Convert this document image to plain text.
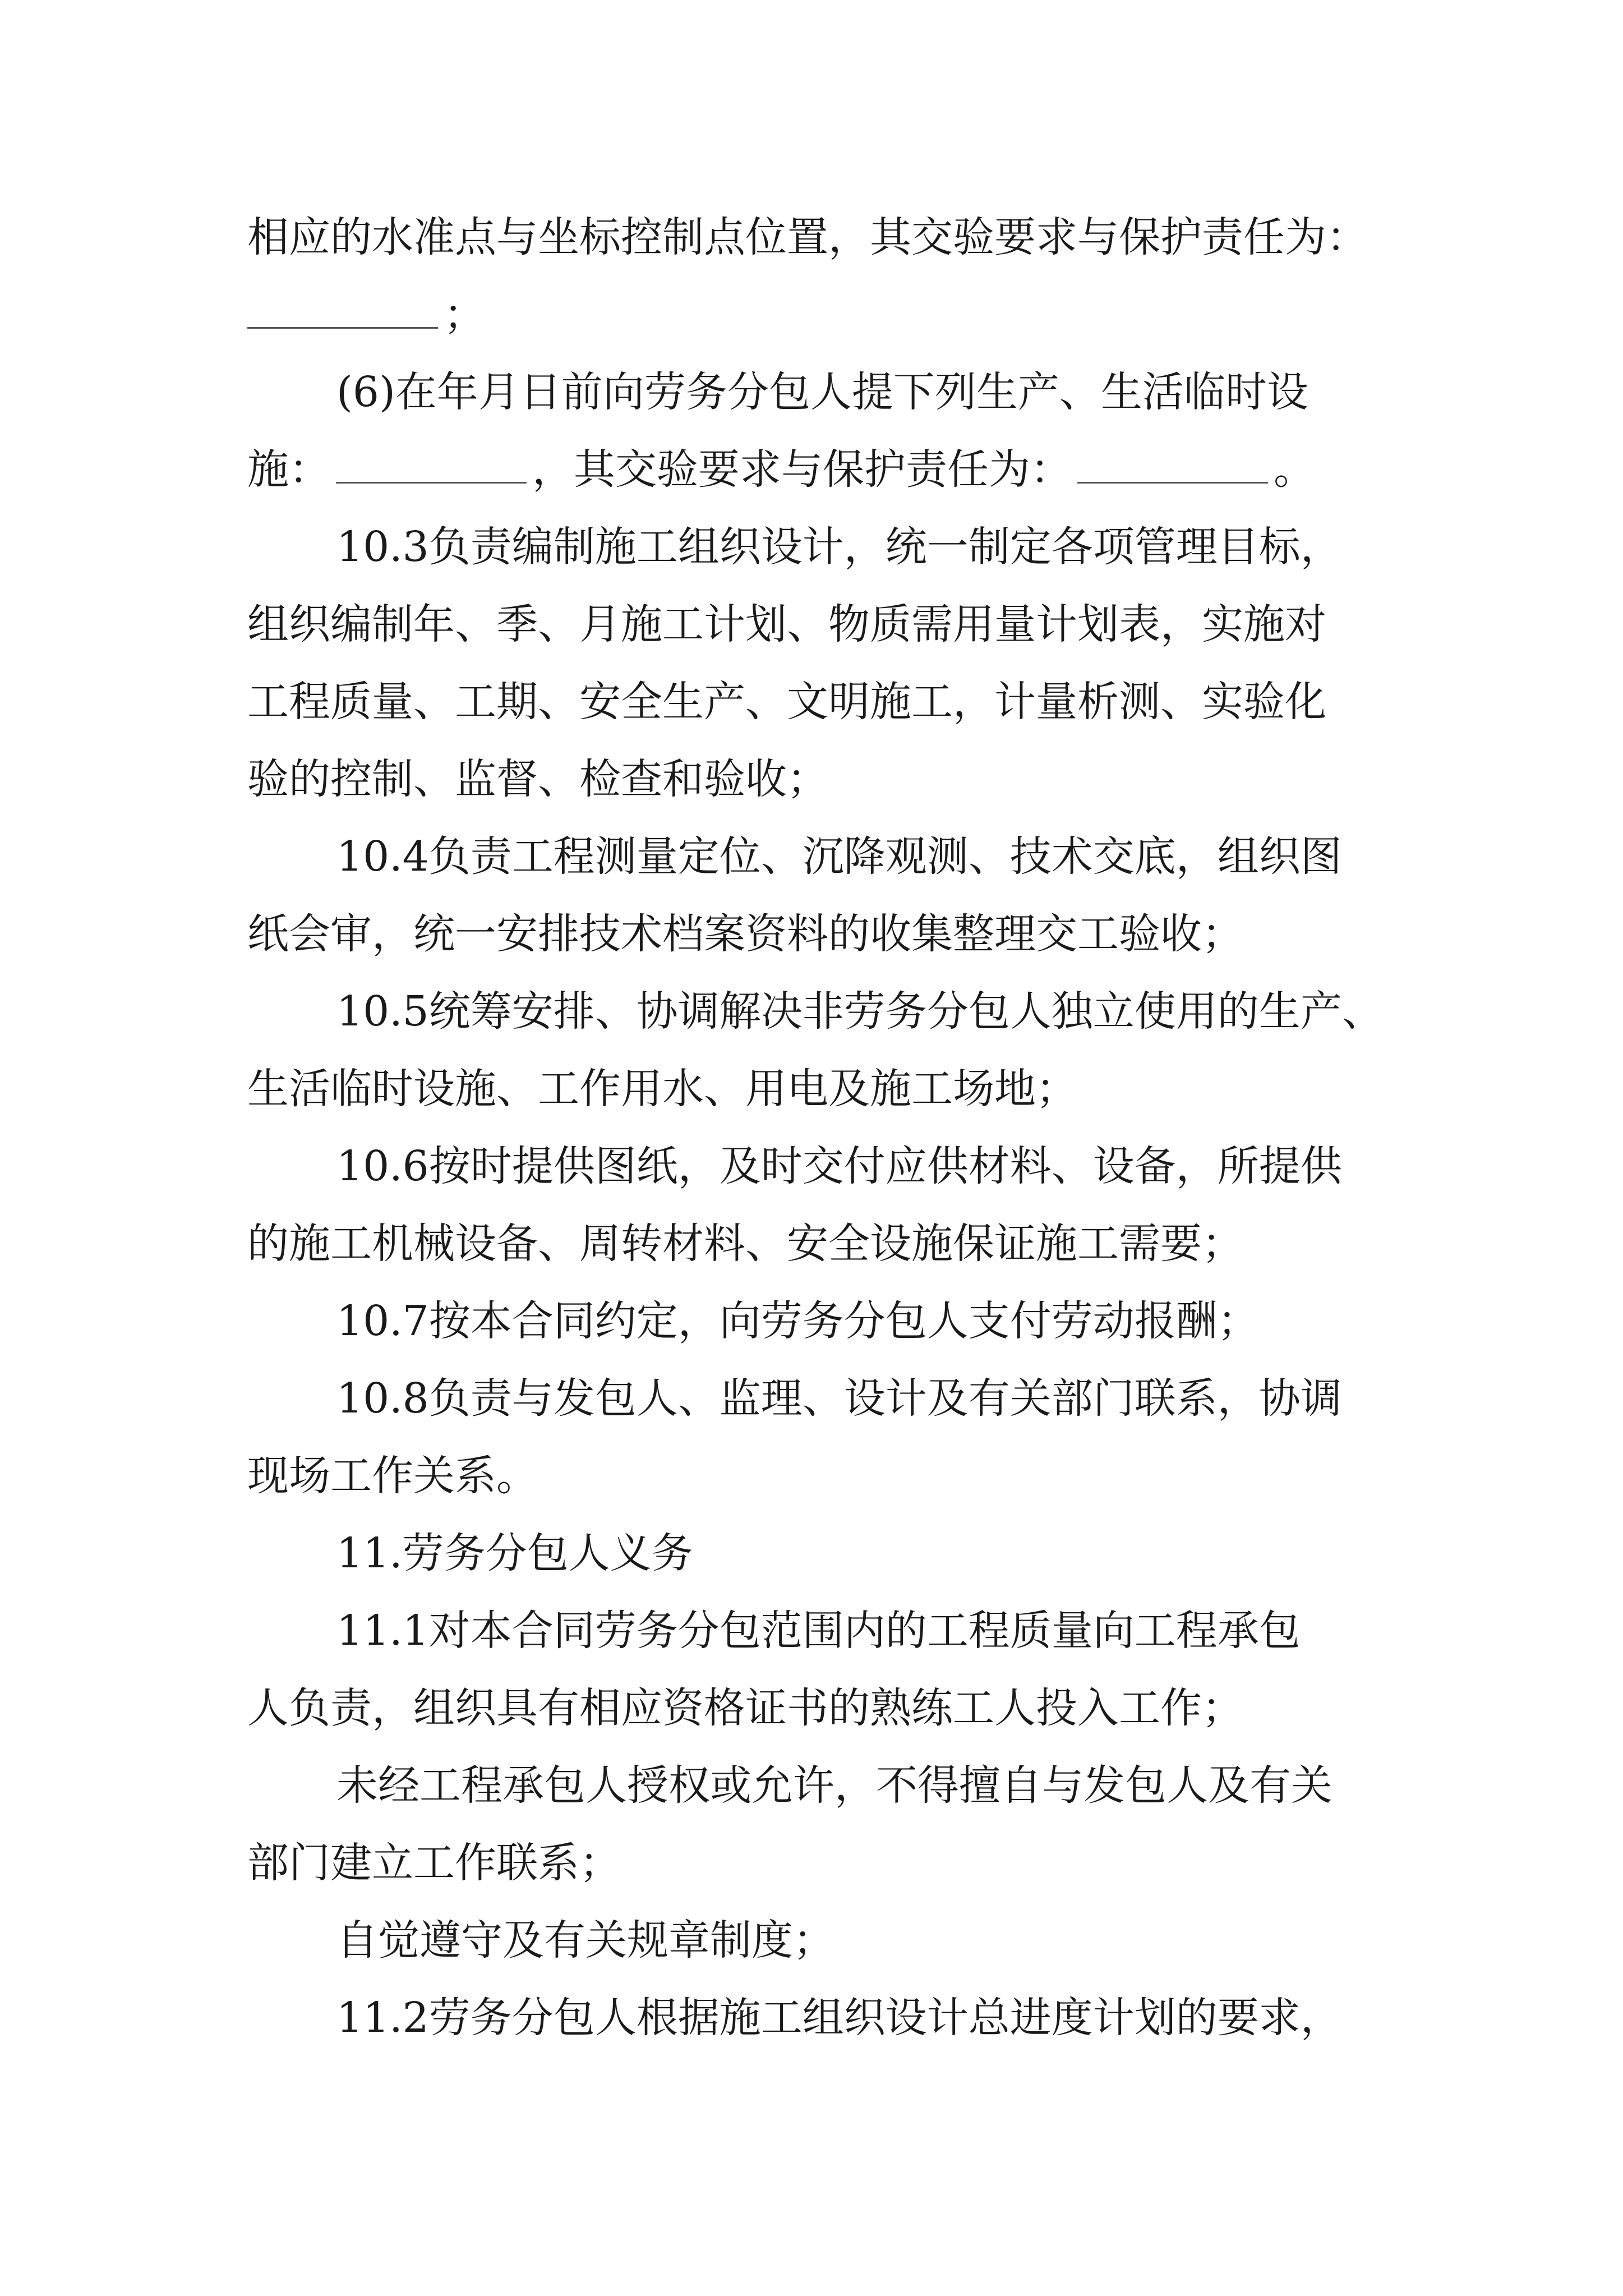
相应的水准点与坐标控制点位置，其交验要求与保护责任为：
；
(6)在年月日前向劳务分包人提下列生产、生活临时设
施：	，其交验要求与保护责任为：	。
10.3负责编制施工组织设计，统一制定各项管理目标，
组织编制年、季、月施工计划、物质需用量计划表，实施对
工程质量、工期、安全生产、文明施工，计量析测、实验化
验的控制、监督、检查和验收；
10.4负责工程测量定位、沉降观测、技术交底，组织图
纸会审，统一安排技术档案资料的收集整理交工验收；
10.5统筹安排、协调解决非劳务分包人独立使用的生产、
生活临时设施、工作用水、用电及施工场地；
10.6按时提供图纸，及时交付应供材料、设备，所提供
的施工机械设备、周转材料、安全设施保证施工需要；
10.7按本合同约定，向劳务分包人支付劳动报酬；
10.8负责与发包人、监理、设计及有关部门联系，协调
现场工作关系。
11.劳务分包人义务
11.1对本合同劳务分包范围内的工程质量向工程承包
人负责，组织具有相应资格证书的熟练工人投入工作；
未经工程承包人授权或允许，不得擅自与发包人及有关
部门建立工作联系；
自觉遵守及有关规章制度；
11.2劳务分包人根据施工组织设计总进度计划的要求，
